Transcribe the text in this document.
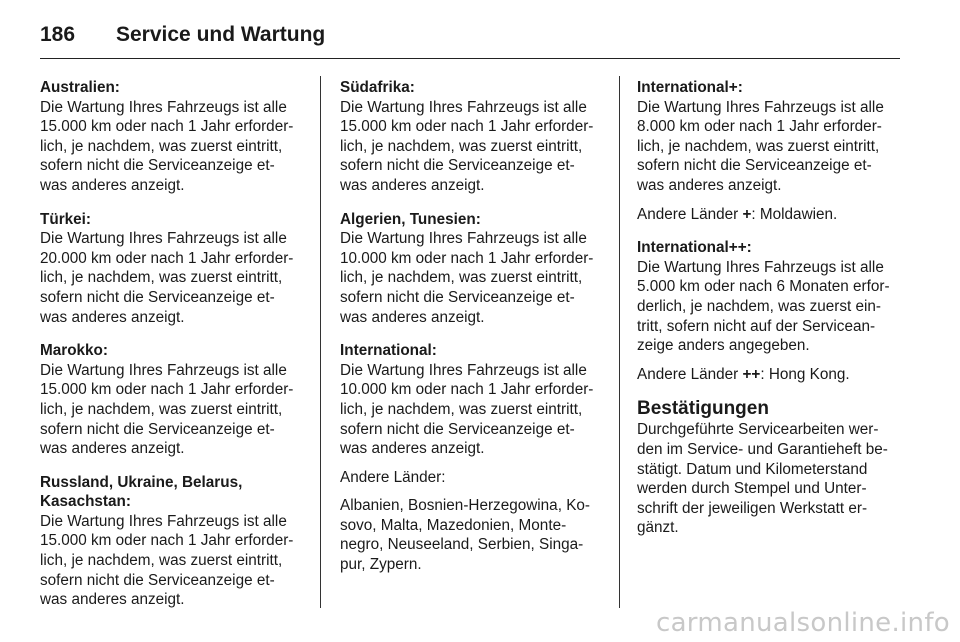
186	Service und Wartung
Australien:
Die Wartung Ihres Fahrzeugs ist alle
15.000 km oder nach 1 Jahr erforder-
lich, je nachdem, was zuerst eintritt,
sofern nicht die Serviceanzeige et-
was anderes anzeigt.
Türkei:
Die Wartung Ihres Fahrzeugs ist alle
20.000 km oder nach 1 Jahr erforder-
lich, je nachdem, was zuerst eintritt,
sofern nicht die Serviceanzeige et-
was anderes anzeigt.
Marokko:
Die Wartung Ihres Fahrzeugs ist alle
15.000 km oder nach 1 Jahr erforder-
lich, je nachdem, was zuerst eintritt,
sofern nicht die Serviceanzeige et-
was anderes anzeigt.
Russland, Ukraine, Belarus,
Kasachstan:
Die Wartung Ihres Fahrzeugs ist alle
15.000 km oder nach 1 Jahr erforder-
lich, je nachdem, was zuerst eintritt,
sofern nicht die Serviceanzeige et-
was anderes anzeigt.
Südafrika:
Die Wartung Ihres Fahrzeugs ist alle
15.000 km oder nach 1 Jahr erforder-
lich, je nachdem, was zuerst eintritt,
sofern nicht die Serviceanzeige et-
was anderes anzeigt.
Algerien, Tunesien:
Die Wartung Ihres Fahrzeugs ist alle
10.000 km oder nach 1 Jahr erforder-
lich, je nachdem, was zuerst eintritt,
sofern nicht die Serviceanzeige et-
was anderes anzeigt.
International:
Die Wartung Ihres Fahrzeugs ist alle
10.000 km oder nach 1 Jahr erforder-
lich, je nachdem, was zuerst eintritt,
sofern nicht die Serviceanzeige et-
was anderes anzeigt.

Andere Länder:

Albanien, Bosnien-Herzegowina, Ko-
sovo, Malta, Mazedonien, Monte-
negro, Neuseeland, Serbien, Singa-
pur, Zypern.
International+:
Die Wartung Ihres Fahrzeugs ist alle
8.000 km oder nach 1 Jahr erforder-
lich, je nachdem, was zuerst eintritt,
sofern nicht die Serviceanzeige et-
was anderes anzeigt.
Andere Länder +: Moldawien.
International++:
Die Wartung Ihres Fahrzeugs ist alle
5.000 km oder nach 6 Monaten erfor-
derlich, je nachdem, was zuerst ein-
tritt, sofern nicht auf der Servicean-
zeige anders angegeben.
Andere Länder ++: Hong Kong.
Bestätigungen
Durchgeführte Servicearbeiten wer-
den im Service- und Garantieheft be-
stätigt. Datum und Kilometerstand
werden durch Stempel und Unter-
schrift der jeweiligen Werkstatt er-
gänzt.
carmanualsonline.info
